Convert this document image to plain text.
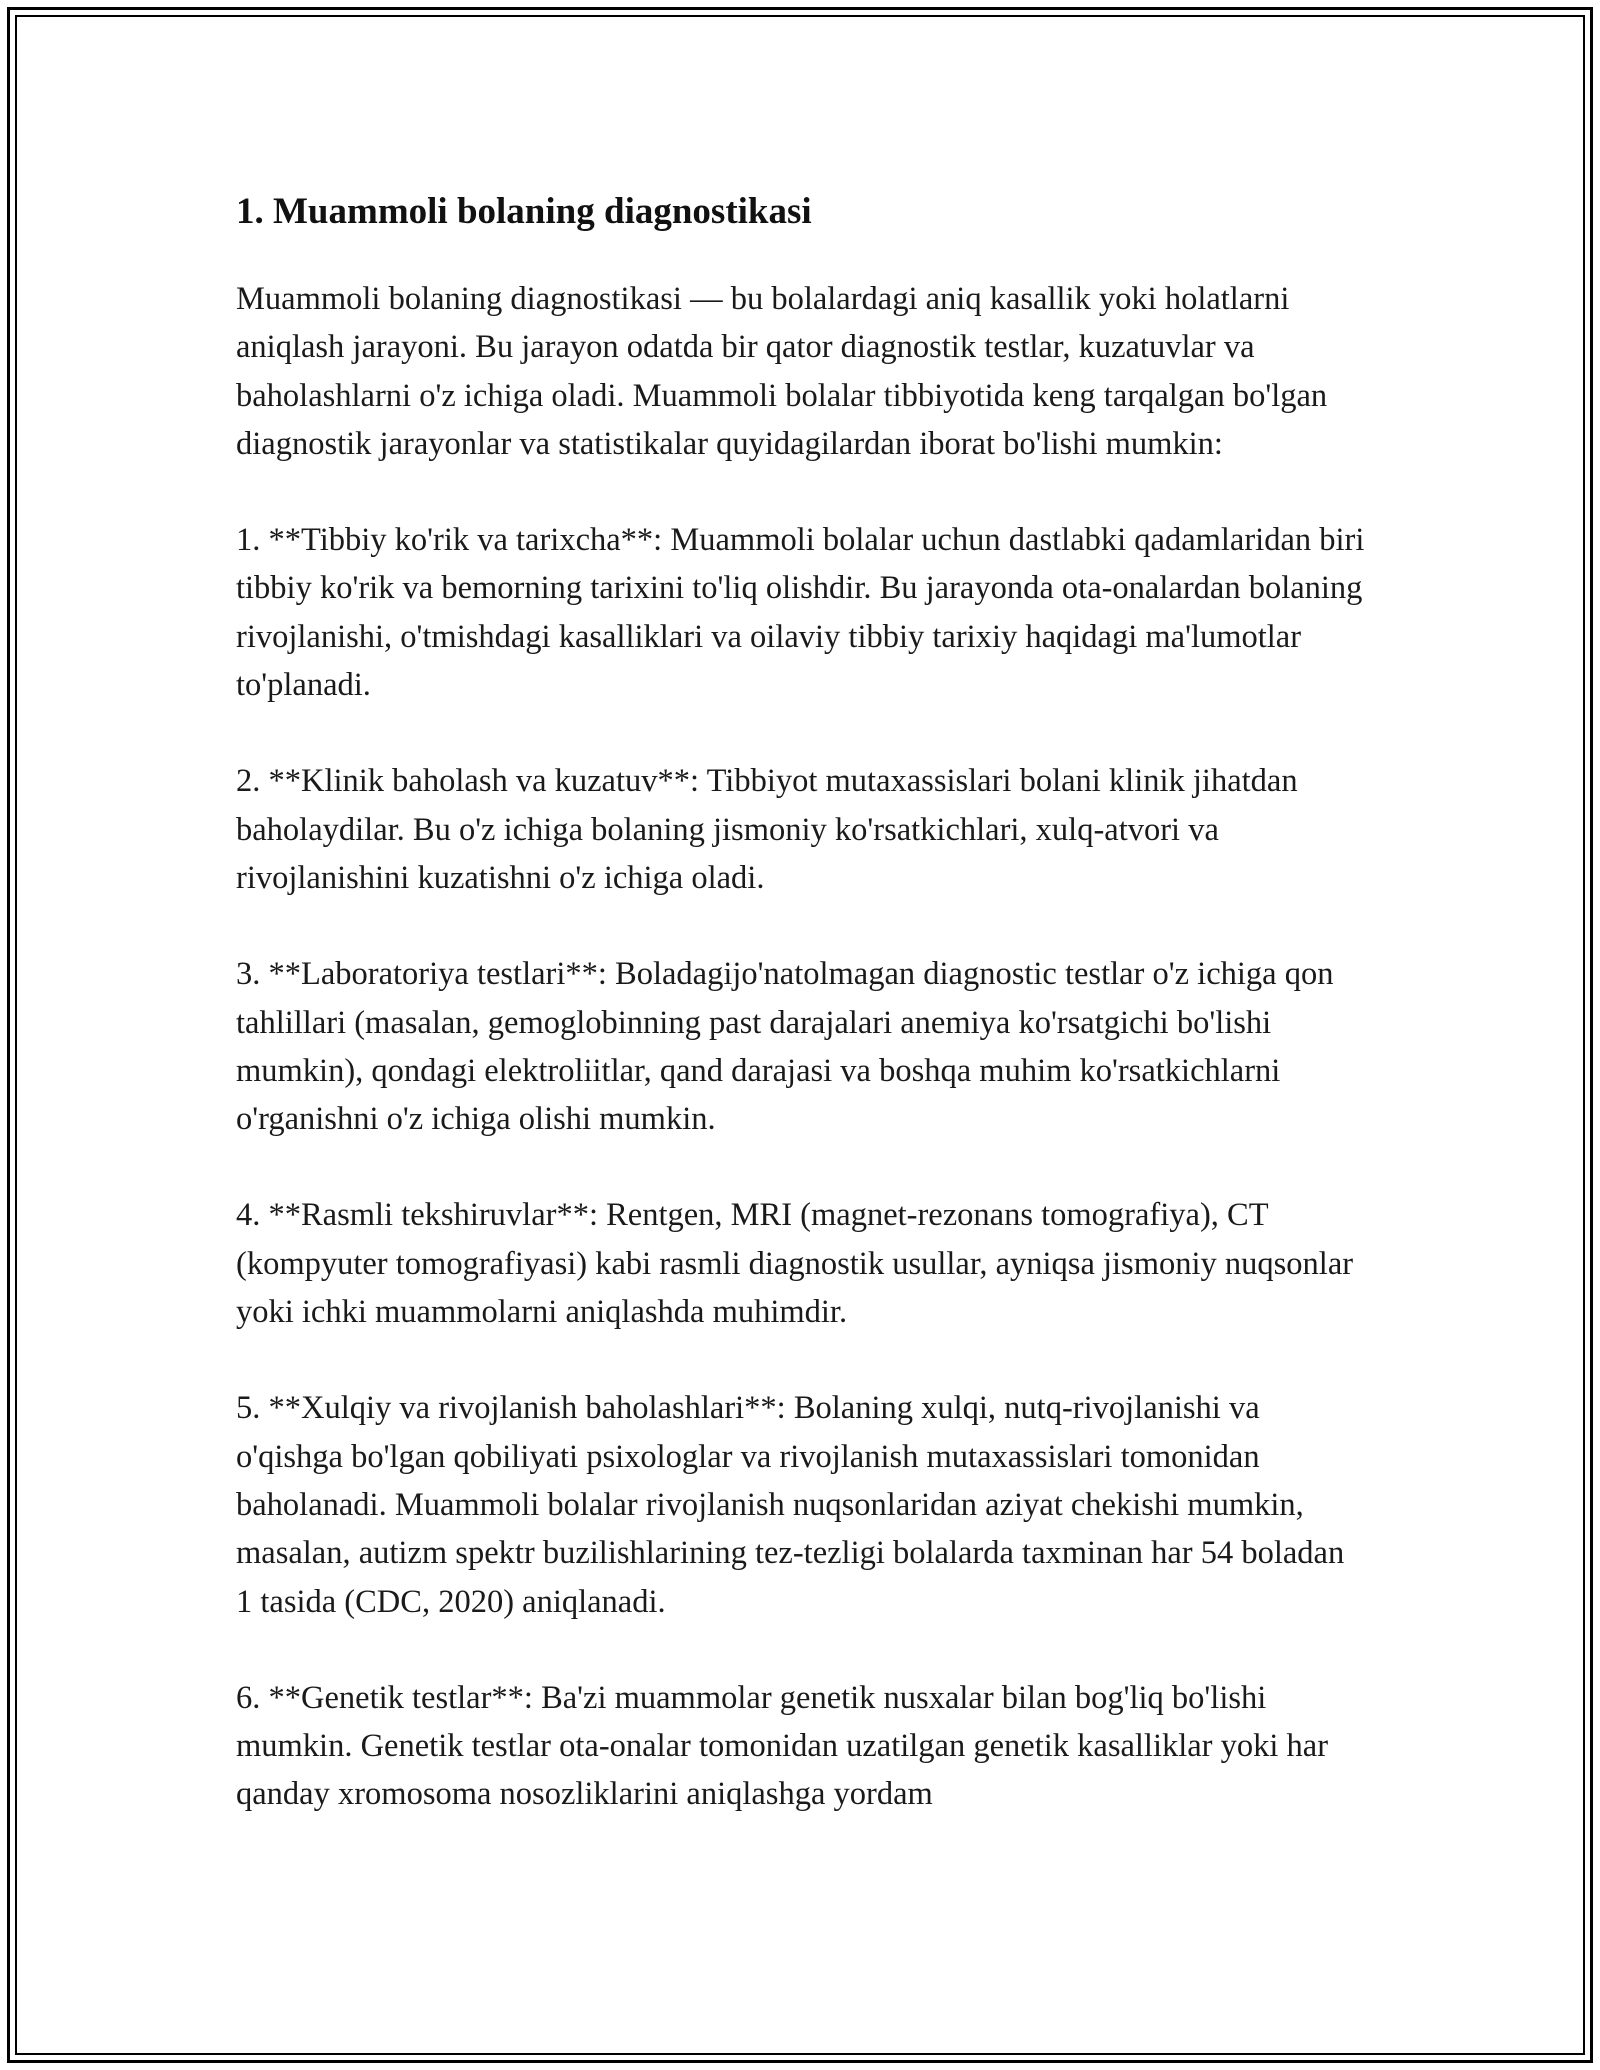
1. Muammoli bolaning diagnostikasi

Muammoli bolaning diagnostikasi — bu bolalardagi aniq kasallik yoki holatlarni aniqlash jarayoni. Bu jarayon odatda bir qator diagnostik testlar, kuzatuvlar va baholashlarni o'z ichiga oladi. Muammoli bolalar tibbiyotida keng tarqalgan bo'lgan diagnostik jarayonlar va statistikalar quyidagilardan iborat bo'lishi mumkin:

1. **Tibbiy ko'rik va tarixcha**: Muammoli bolalar uchun dastlabki qadamlaridan biri tibbiy ko'rik va bemorning tarixini to'liq olishdir. Bu jarayonda ota-onalardan bolaning rivojlanishi, o'tmishdagi kasalliklari va oilaviy tibbiy tarixiy haqidagi ma'lumotlar to'planadi.

2. **Klinik baholash va kuzatuv**: Tibbiyot mutaxassislari bolani klinik jihatdan baholaydilar. Bu o'z ichiga bolaning jismoniy ko'rsatkichlari, xulq-atvori va rivojlanishini kuzatishni o'z ichiga oladi.

3. **Laboratoriya testlari**: Boladagijo'natolmagan diagnostic testlar o'z ichiga qon tahlillari (masalan, gemoglobinning past darajalari anemiya ko'rsatgichi bo'lishi mumkin), qondagi elektroliitlar, qand darajasi va boshqa muhim ko'rsatkichlarni o'rganishni o'z ichiga olishi mumkin.

4. **Rasmli tekshiruvlar**: Rentgen, MRI (magnet-rezonans tomografiya), CT (kompyuter tomografiyasi) kabi rasmli diagnostik usullar, ayniqsa jismoniy nuqsonlar yoki ichki muammolarni aniqlashda muhimdir.

5. **Xulqiy va rivojlanish baholashlari**: Bolaning xulqi, nutq-rivojlanishi va o'qishga bo'lgan qobiliyati psixologlar va rivojlanish mutaxassislari tomonidan baholanadi. Muammoli bolalar rivojlanish nuqsonlaridan aziyat chekishi mumkin, masalan, autizm spektr buzilishlarining tez-tezligi bolalarda taxminan har 54 boladan 1 tasida (CDC, 2020) aniqlanadi.

6. **Genetik testlar**: Ba'zi muammolar genetik nusxalar bilan bog'liq bo'lishi mumkin. Genetik testlar ota-onalar tomonidan uzatilgan genetik kasalliklar yoki har qanday xromosoma nosozliklarini aniqlashga yordam
